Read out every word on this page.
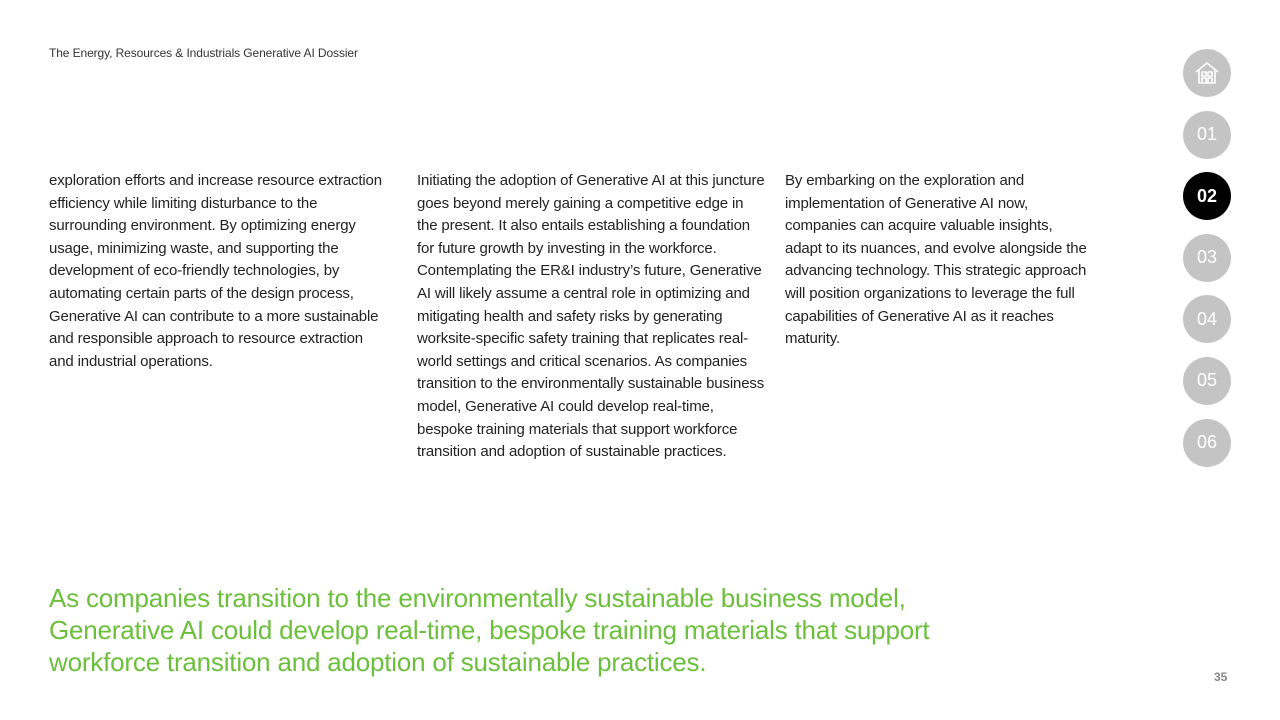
The Energy, Resources & Industrials Generative AI Dossier

exploration efforts and increase resource extraction efficiency while limiting disturbance to the surrounding environment. By optimizing energy usage, minimizing waste, and supporting the development of eco-friendly technologies, by automating certain parts of the design process, Generative AI can contribute to a more sustainable and responsible approach to resource extraction and industrial operations.

Initiating the adoption of Generative AI at this juncture goes beyond merely gaining a competitive edge in the present. It also entails establishing a foundation for future growth by investing in the workforce. Contemplating the ER&I industry’s future, Generative AI will likely assume a central role in optimizing and mitigating health and safety risks by generating worksite-specific safety training that replicates real-world settings and critical scenarios. As companies transition to the environmentally sustainable business model, Generative AI could develop real-time, bespoke training materials that support workforce transition and adoption of sustainable practices.

By embarking on the exploration and implementation of Generative AI now, companies can acquire valuable insights, adapt to its nuances, and evolve alongside the advancing technology. This strategic approach will position organizations to leverage the full capabilities of Generative AI as it reaches maturity.

As companies transition to the environmentally sustainable business model, Generative AI could develop real-time, bespoke training materials that support workforce transition and adoption of sustainable practices.

01
02
03
04
05
06
35
